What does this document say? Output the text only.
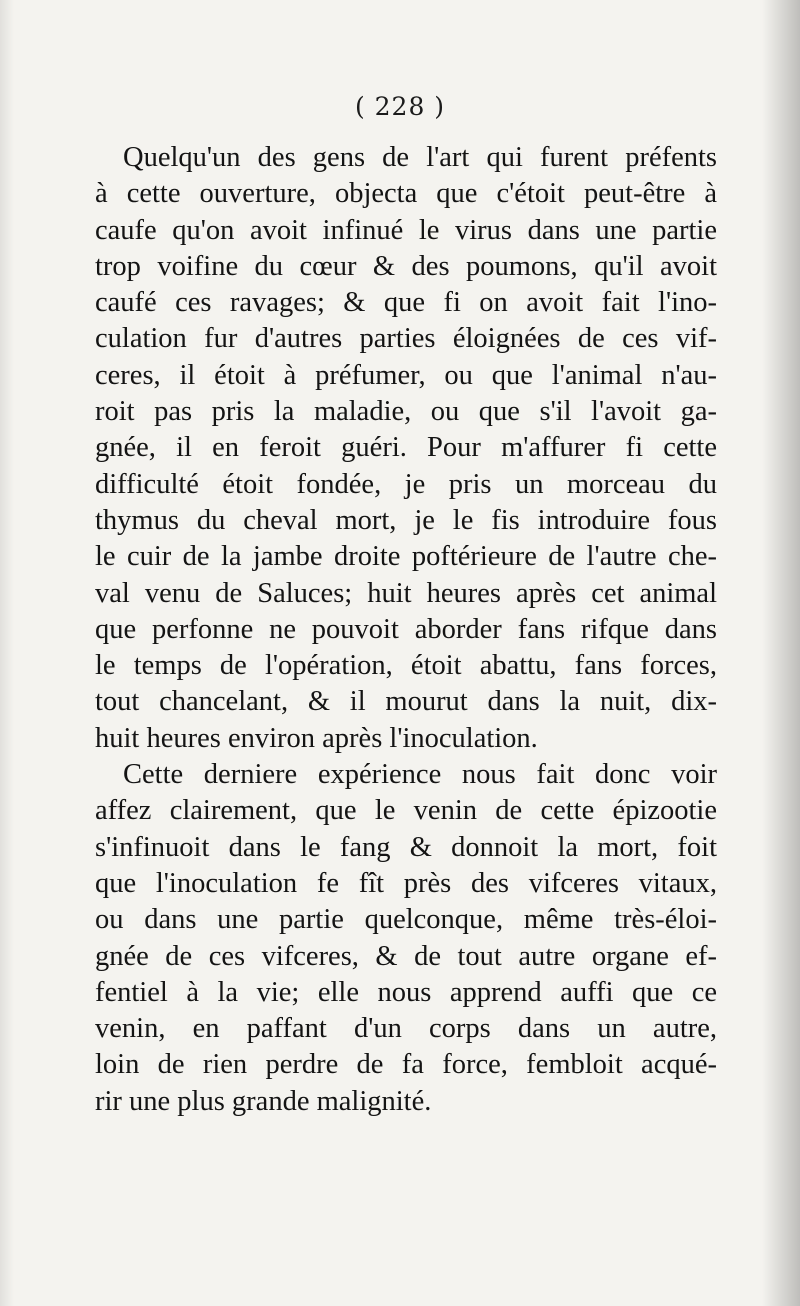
( 228 )
Quelqu'un des gens de l'art qui furent préfents
à cette ouverture, objecta que c'étoit peut-être à
caufe qu'on avoit infinué le virus dans une partie
trop voifine du cœur & des poumons, qu'il avoit
caufé ces ravages; & que fi on avoit fait l'ino-
culation fur d'autres parties éloignées de ces vif-
ceres, il étoit à préfumer, ou que l'animal n'au-
roit pas pris la maladie, ou que s'il l'avoit ga-
gnée, il en feroit guéri. Pour m'affurer fi cette
difficulté étoit fondée, je pris un morceau du
thymus du cheval mort, je le fis introduire fous
le cuir de la jambe droite poftérieure de l'autre che-
val venu de Saluces; huit heures après cet animal
que perfonne ne pouvoit aborder fans rifque dans
le temps de l'opération, étoit abattu, fans forces,
tout chancelant, & il mourut dans la nuit, dix-
huit heures environ après l'inoculation.
Cette derniere expérience nous fait donc voir
affez clairement, que le venin de cette épizootie
s'infinuoit dans le fang & donnoit la mort, foit
que l'inoculation fe fît près des vifceres vitaux,
ou dans une partie quelconque, même très-éloi-
gnée de ces vifceres, & de tout autre organe ef-
fentiel à la vie; elle nous apprend auffi que ce
venin, en paffant d'un corps dans un autre,
loin de rien perdre de fa force, fembloit acqué-
rir une plus grande malignité.
